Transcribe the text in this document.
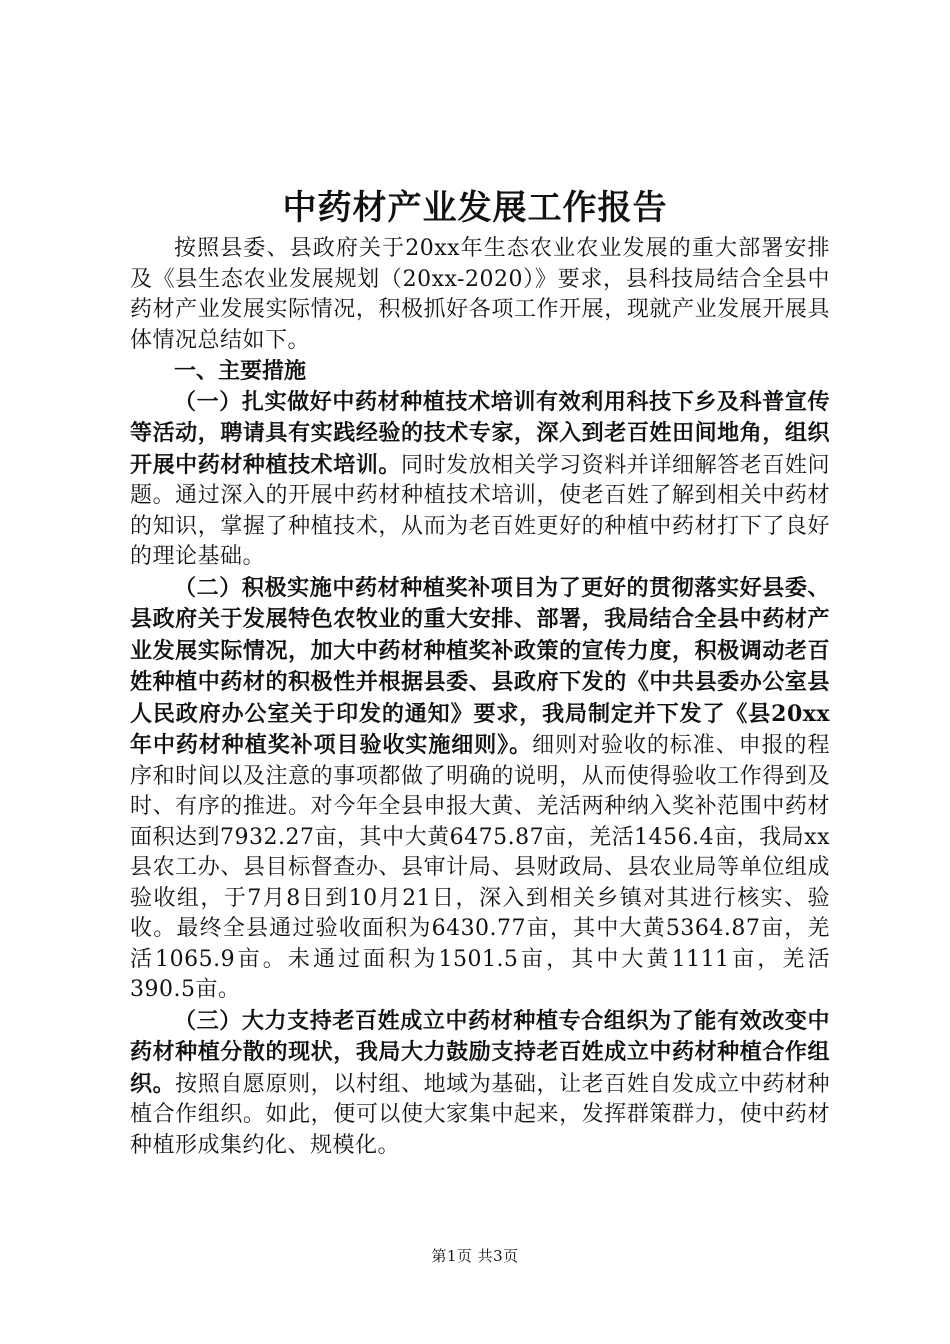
中药材产业发展工作报告

按照县委、县政府关于20xx年生态农业农业发展的重大部署安排及《县生态农业发展规划（20xx-2020）》要求，县科技局结合全县中药材产业发展实际情况，积极抓好各项工作开展，现就产业发展开展具体情况总结如下。

一、主要措施

（一）扎实做好中药材种植技术培训有效利用科技下乡及科普宣传等活动，聘请具有实践经验的技术专家，深入到老百姓田间地角，组织开展中药材种植技术培训。同时发放相关学习资料并详细解答老百姓问题。通过深入的开展中药材种植技术培训，使老百姓了解到相关中药材的知识，掌握了种植技术，从而为老百姓更好的种植中药材打下了良好的理论基础。

（二）积极实施中药材种植奖补项目为了更好的贯彻落实好县委、县政府关于发展特色农牧业的重大安排、部署，我局结合全县中药材产业发展实际情况，加大中药材种植奖补政策的宣传力度，积极调动老百姓种植中药材的积极性并根据县委、县政府下发的《中共县委办公室县人民政府办公室关于印发的通知》要求，我局制定并下发了《县20xx年中药材种植奖补项目验收实施细则》。细则对验收的标准、申报的程序和时间以及注意的事项都做了明确的说明，从而使得验收工作得到及时、有序的推进。对今年全县申报大黄、羌活两种纳入奖补范围中药材面积达到7932.27亩，其中大黄6475.87亩，羌活1456.4亩，我局xx县农工办、县目标督查办、县审计局、县财政局、县农业局等单位组成验收组，于7月8日到10月21日，深入到相关乡镇对其进行核实、验收。最终全县通过验收面积为6430.77亩，其中大黄5364.87亩，羌活1065.9亩。未通过面积为1501.5亩，其中大黄1111亩，羌活390.5亩。

（三）大力支持老百姓成立中药材种植专合组织为了能有效改变中药材种植分散的现状，我局大力鼓励支持老百姓成立中药材种植合作组织。按照自愿原则，以村组、地域为基础，让老百姓自发成立中药材种植合作组织。如此，便可以使大家集中起来，发挥群策群力，使中药材种植形成集约化、规模化。

第1页 共3页
